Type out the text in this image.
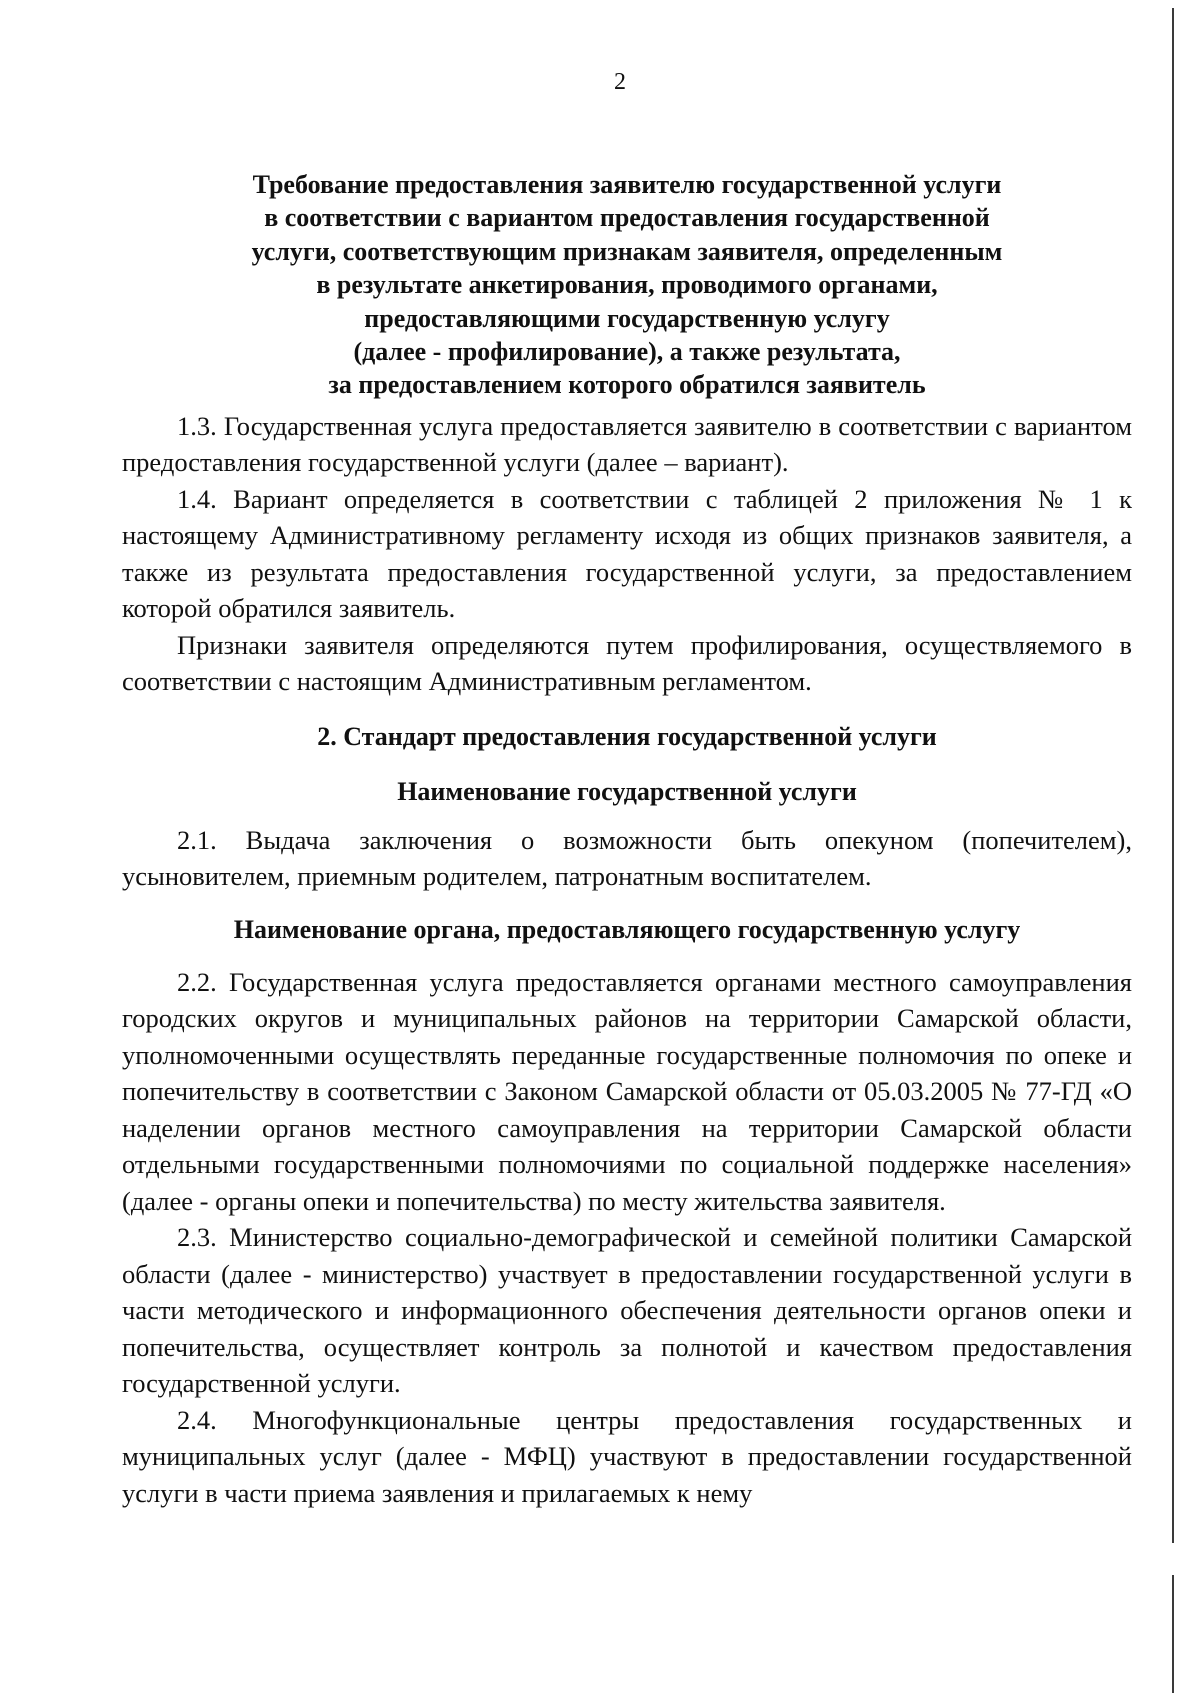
2
Требование предоставления заявителю государственной услуги
в соответствии с вариантом предоставления государственной
услуги, соответствующим признакам заявителя, определенным
в результате анкетирования, проводимого органами,
предоставляющими государственную услугу
(далее - профилирование), а также результата,
за предоставлением которого обратился заявитель

1.3. Государственная услуга предоставляется заявителю в соответствии с вариантом предоставления государственной услуги (далее – вариант).

1.4. Вариант определяется в соответствии с таблицей 2 приложения № 1 к настоящему Административному регламенту исходя из общих признаков заявителя, а также из результата предоставления государственной услуги, за предоставлением которой обратился заявитель.

Признаки заявителя определяются путем профилирования, осуществляемого в соответствии с настоящим Административным регламентом.

2. Стандарт предоставления государственной услуги

Наименование государственной услуги

2.1. Выдача заключения о возможности быть опекуном (попечителем), усыновителем, приемным родителем, патронатным воспитателем.

Наименование органа, предоставляющего государственную услугу

2.2. Государственная услуга предоставляется органами местного самоуправления городских округов и муниципальных районов на территории Самарской области, уполномоченными осуществлять переданные государственные полномочия по опеке и попечительству в соответствии с Законом Самарской области от 05.03.2005 № 77-ГД «О наделении органов местного самоуправления на территории Самарской области отдельными государственными полномочиями по социальной поддержке населения» (далее - органы опеки и попечительства) по месту жительства заявителя.

2.3. Министерство социально-демографической и семейной политики Самарской области (далее - министерство) участвует в предоставлении государственной услуги в части методического и информационного обеспечения деятельности органов опеки и попечительства, осуществляет контроль за полнотой и качеством предоставления государственной услуги.

2.4. Многофункциональные центры предоставления государственных и муниципальных услуг (далее - МФЦ) участвуют в предоставлении государственной услуги в части приема заявления и прилагаемых к нему
